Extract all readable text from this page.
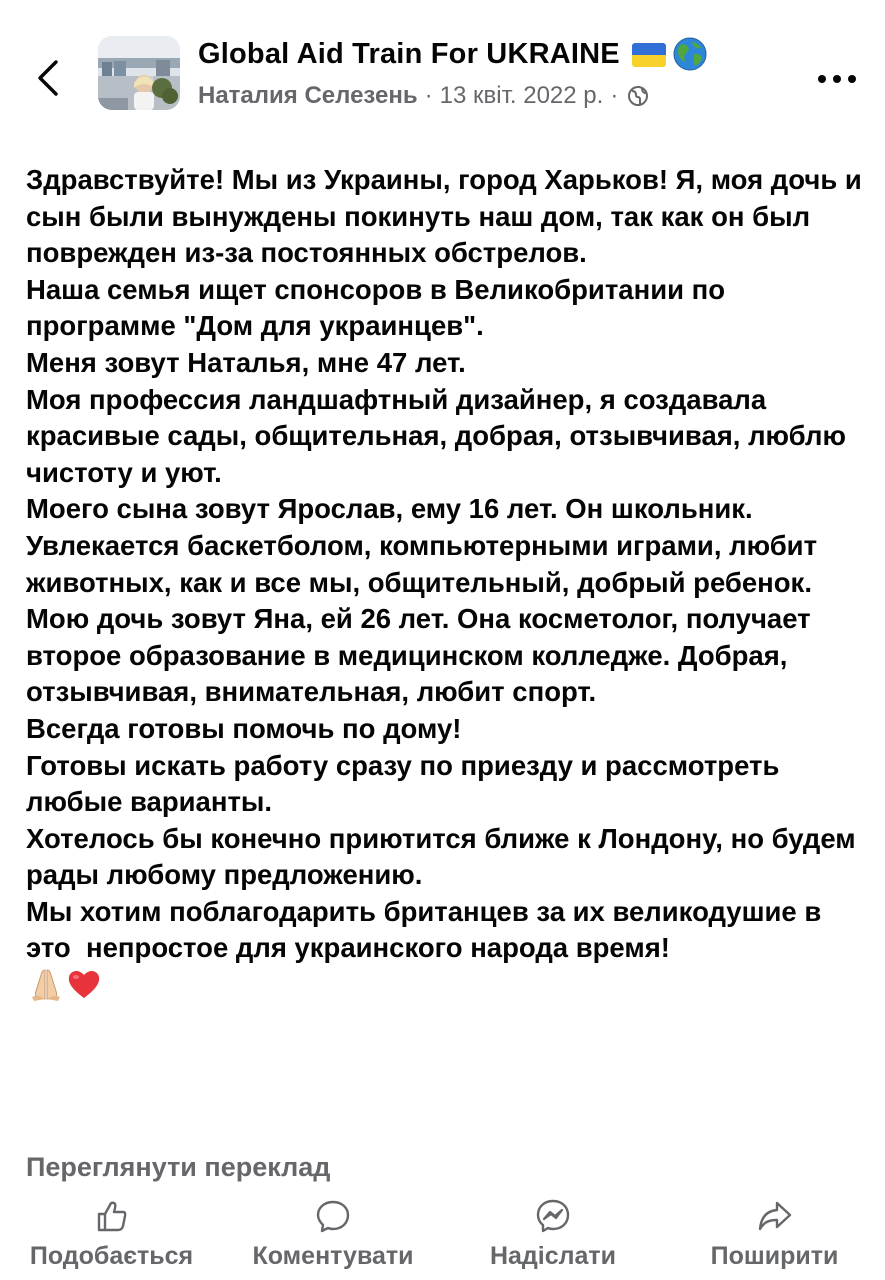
Global Aid Train For UKRAINE
Наталия Селезень · 13 квіт. 2022 р. ·

Здравствуйте! Мы из Украины, город Харьков! Я, моя дочь и сын были вынуждены покинуть наш дом, так как он был поврежден из-за постоянных обстрелов.

Наша семья ищет спонсоров в Великобритании по программе "Дом для украинцев".

Меня зовут Наталья, мне 47 лет.

Моя профессия ландшафтный дизайнер, я создавала красивые сады, общительная, добрая, отзывчивая, люблю чистоту и уют.

Моего сына зовут Ярослав, ему 16 лет. Он школьник. Увлекается баскетболом, компьютерными играми, любит животных, как и все мы, общительный, добрый ребенок.

Мою дочь зовут Яна, ей 26 лет. Она косметолог, получает второе образование в медицинском колледже. Добрая, отзывчивая, внимательная, любит спорт.

Всегда готовы помочь по дому!

Готовы искать работу сразу по приезду и рассмотреть любые варианты.

Хотелось бы конечно приютится ближе к Лондону, но будем рады любому предложению.

Мы хотим поблагодарить британцев за их великодушие в это  непростое для украинского народа время!

Переглянути переклад
Подобається Коментувати	Надіслати	Поширити
